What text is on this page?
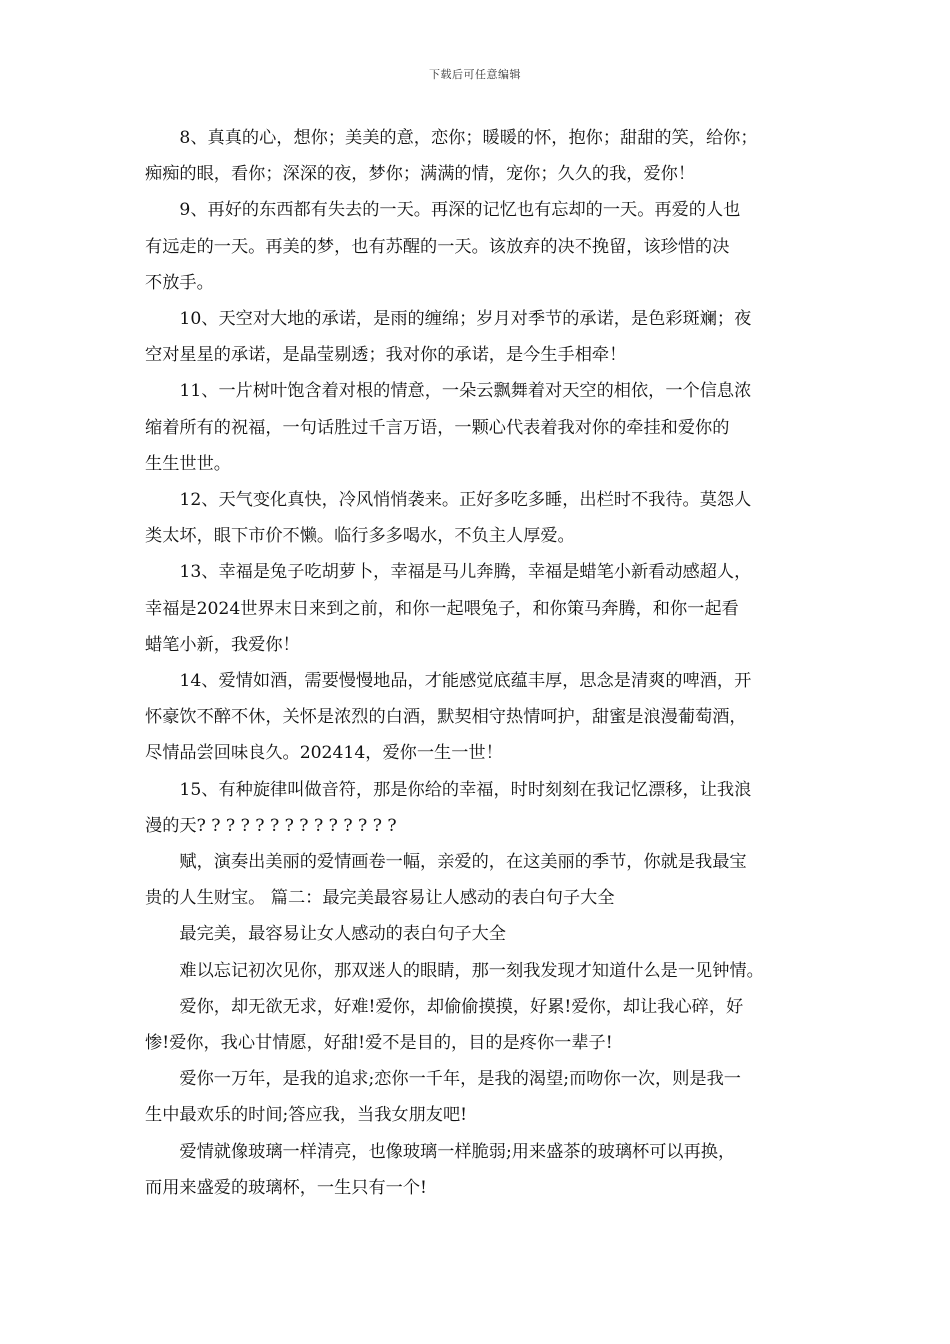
下载后可任意编辑

8、真真的心，想你；美美的意，恋你；暖暖的怀，抱你；甜甜的笑，给你；
痴痴的眼，看你；深深的夜，梦你；满满的情，宠你；久久的我，爱你！

9、再好的东西都有失去的一天。再深的记忆也有忘却的一天。再爱的人也
有远走的一天。再美的梦，也有苏醒的一天。该放弃的决不挽留，该珍惜的决
不放手。

10、天空对大地的承诺，是雨的缠绵；岁月对季节的承诺，是色彩斑斓；夜
空对星星的承诺，是晶莹剔透；我对你的承诺，是今生手相牵！

11、一片树叶饱含着对根的情意，一朵云飘舞着对天空的相依，一个信息浓
缩着所有的祝福，一句话胜过千言万语，一颗心代表着我对你的牵挂和爱你的
生生世世。

12、天气变化真快，冷风悄悄袭来。正好多吃多睡，出栏时不我待。莫怨人
类太坏，眼下市价不懒。临行多多喝水，不负主人厚爱。

13、幸福是兔子吃胡萝卜，幸福是马儿奔腾，幸福是蜡笔小新看动感超人，
幸福是2024世界末日来到之前，和你一起喂兔子，和你策马奔腾，和你一起看
蜡笔小新，我爱你！

14、爱情如酒，需要慢慢地品，才能感觉底蕴丰厚，思念是清爽的啤酒，开
怀豪饮不醉不休，关怀是浓烈的白酒，默契相守热情呵护，甜蜜是浪漫葡萄酒，
尽情品尝回味良久。202414，爱你一生一世！

15、有种旋律叫做音符，那是你给的幸福，时时刻刻在我记忆漂移，让我浪
漫的天? ? ? ? ? ? ? ? ? ? ? ? ? ?

赋，演奏出美丽的爱情画卷一幅，亲爱的，在这美丽的季节，你就是我最宝
贵的人生财宝。 篇二：最完美最容易让人感动的表白句子大全

最完美，最容易让女人感动的表白句子大全

难以忘记初次见你，那双迷人的眼睛，那一刻我发现才知道什么是一见钟情。

爱你，却无欲无求，好难!爱你，却偷偷摸摸，好累!爱你，却让我心碎，好
惨!爱你，我心甘情愿，好甜!爱不是目的，目的是疼你一辈子!

爱你一万年，是我的追求;恋你一千年，是我的渴望;而吻你一次，则是我一
生中最欢乐的时间;答应我，当我女朋友吧!

爱情就像玻璃一样清亮，也像玻璃一样脆弱;用来盛茶的玻璃杯可以再换，
而用来盛爱的玻璃杯，一生只有一个!
